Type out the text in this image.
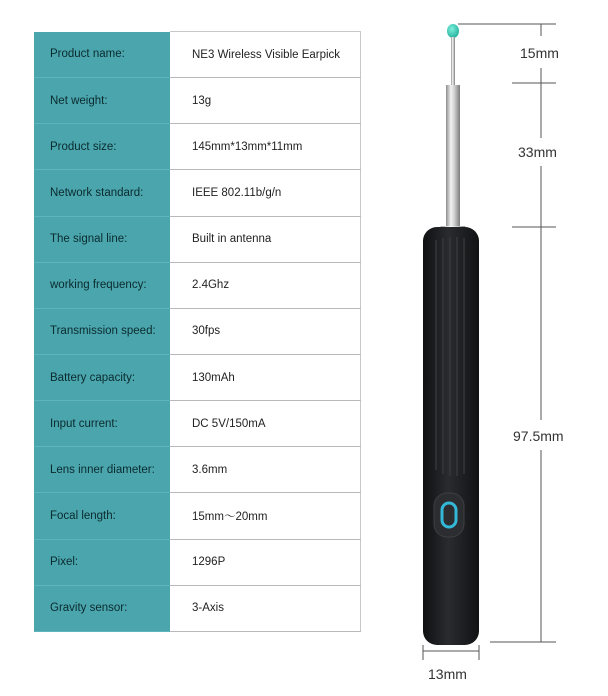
Product name:	NE3 Wireless Visible Earpick
Net weight:	13g
Product size:	145mm*13mm*11mm
Network standard:	IEEE 802.11b/g/n
The signal line:	Built in antenna
working frequency:	2.4Ghz
Transmission speed:	30fps
Battery capacity:	130mAh
Input current:	DC 5V/150mA
Lens inner diameter:	3.6mm
Focal length:	15mm～20mm
Pixel:	1296P
Gravity sensor:	3-Axis
15mm
33mm
97.5mm
13mm
